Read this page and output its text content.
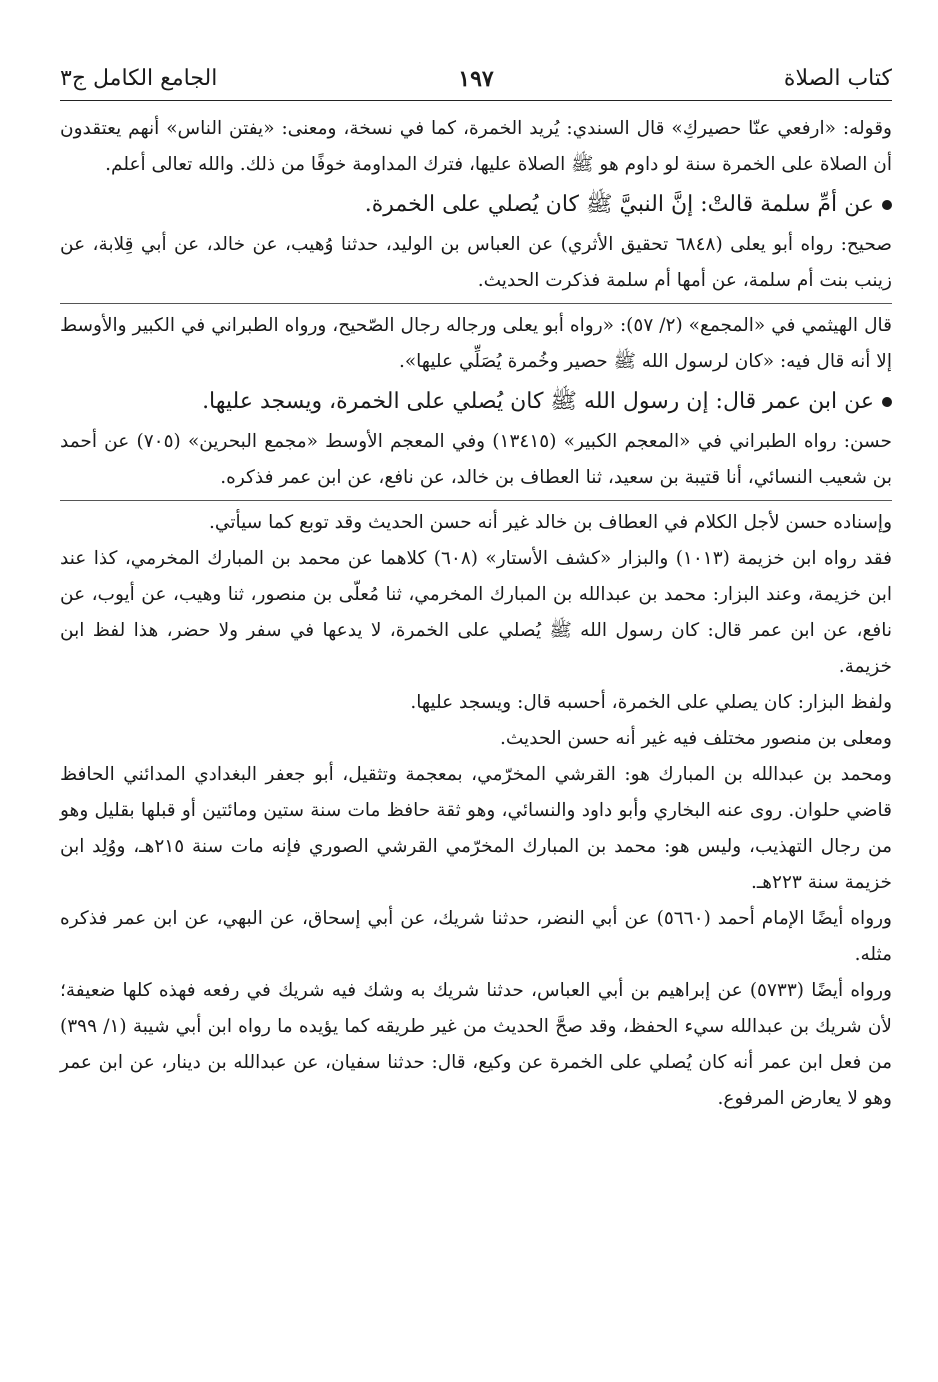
كتاب الصلاة
١٩٧
الجامع الكامل ج٣

وقوله: «ارفعي عنّا حصيركِ» قال السندي: يُريد الخمرة، كما في نسخة، ومعنى: «يفتن الناس» أنهم يعتقدون أن الصلاة على الخمرة سنة لو داوم هو ﷺ الصلاة عليها، فترك المداومة خوفًا من ذلك. والله تعالى أعلم.

عن أمِّ سلمة قالتْ: إنَّ النبيَّ ﷺ كان يُصلي على الخمرة.

صحيح: رواه أبو يعلى (٦٨٤٨ تحقيق الأثري) عن العباس بن الوليد، حدثنا وُهيب، عن خالد، عن أبي قِلابة، عن زينب بنت أم سلمة، عن أمها أم سلمة فذكرت الحديث.

قال الهيثمي في «المجمع» (٢/ ٥٧): «رواه أبو يعلى ورجاله رجال الصّحيح، ورواه الطبراني في الكبير والأوسط إلا أنه قال فيه: «كان لرسول الله ﷺ حصير وخُمرة يُصَلِّي عليها».

عن ابن عمر قال: إن رسول الله ﷺ كان يُصلي على الخمرة، ويسجد عليها.

حسن: رواه الطبراني في «المعجم الكبير» (١٣٤١٥) وفي المعجم الأوسط «مجمع البحرين» (٧٠٥) عن أحمد بن شعيب النسائي، أنا قتيبة بن سعيد، ثنا العطاف بن خالد، عن نافع، عن ابن عمر فذكره.

وإسناده حسن لأجل الكلام في العطاف بن خالد غير أنه حسن الحديث وقد توبع كما سيأتي.

فقد رواه ابن خزيمة (١٠١٣) والبزار «كشف الأستار» (٦٠٨) كلاهما عن محمد بن المبارك المخرمي، كذا عند ابن خزيمة، وعند البزار: محمد بن عبدالله بن المبارك المخرمي، ثنا مُعلّى بن منصور، ثنا وهيب، عن أيوب، عن نافع، عن ابن عمر قال: كان رسول الله ﷺ يُصلي على الخمرة، لا يدعها في سفر ولا حضر، هذا لفظ ابن خزيمة.

ولفظ البزار: كان يصلي على الخمرة، أحسبه قال: ويسجد عليها.

ومعلى بن منصور مختلف فيه غير أنه حسن الحديث.

ومحمد بن عبدالله بن المبارك هو: القرشي المخرّمي، بمعجمة وتثقيل، أبو جعفر البغدادي المدائني الحافظ قاضي حلوان. روى عنه البخاري وأبو داود والنسائي، وهو ثقة حافظ مات سنة ستين ومائتين أو قبلها بقليل وهو من رجال التهذيب، وليس هو: محمد بن المبارك المخرّمي القرشي الصوري فإنه مات سنة ٢١٥هـ، ووُلِد ابن خزيمة سنة ٢٢٣هـ.

ورواه أيضًا الإمام أحمد (٥٦٦٠) عن أبي النضر، حدثنا شريك، عن أبي إسحاق، عن البهي، عن ابن عمر فذكره مثله.

ورواه أيضًا (٥٧٣٣) عن إبراهيم بن أبي العباس، حدثنا شريك به وشك فيه شريك في رفعه فهذه كلها ضعيفة؛ لأن شريك بن عبدالله سيء الحفظ، وقد صحَّ الحديث من غير طريقه كما يؤيده ما رواه ابن أبي شيبة (١/ ٣٩٩) من فعل ابن عمر أنه كان يُصلي على الخمرة عن وكيع، قال: حدثنا سفيان، عن عبدالله بن دينار، عن ابن عمر وهو لا يعارض المرفوع.
